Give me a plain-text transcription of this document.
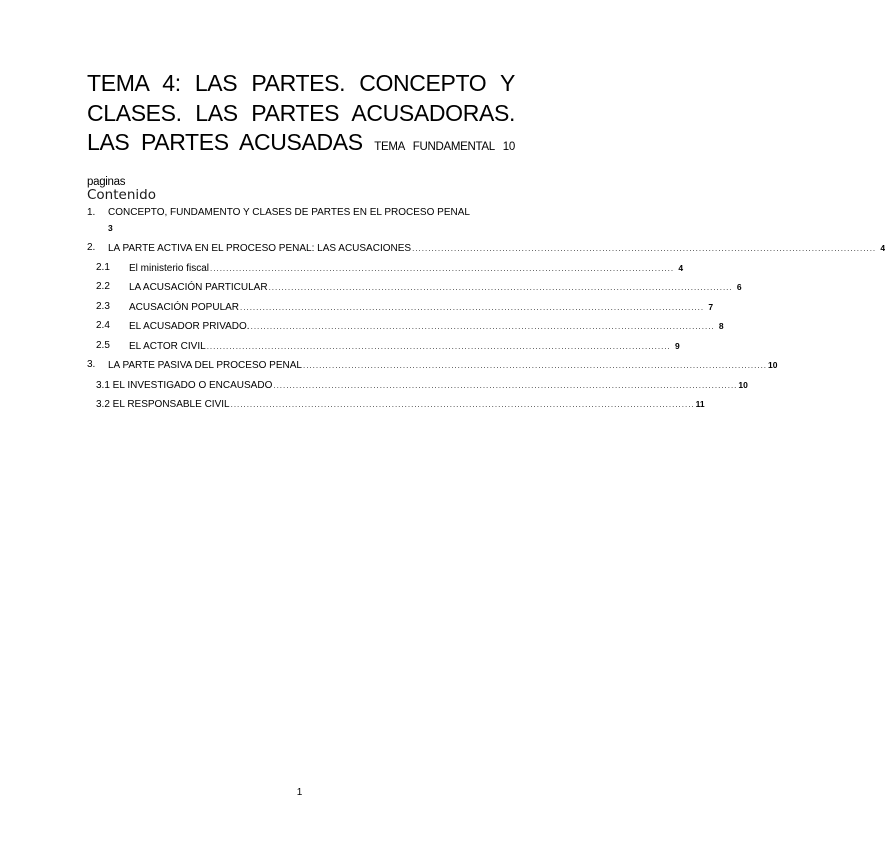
TEMA 4: LAS PARTES. CONCEPTO Y CLASES. LAS PARTES ACUSADORAS. LAS PARTES ACUSADAS TEMA FUNDAMENTAL 10 paginas
Contenido
1. CONCEPTO, FUNDAMENTO Y CLASES DE PARTES EN EL PROCESO PENAL
3
2. LA PARTE ACTIVA EN EL PROCESO PENAL: LAS ACUSACIONES ................................................................................................................................................ 4
2.1 El ministerio fiscal ................................................................................................................................................ 4
2.2 LA ACUSACIÓN PARTICULAR ................................................................................................................................................ 6
2.3 ACUSACIÓN POPULAR ................................................................................................................................................ 7
2.4 EL ACUSADOR PRIVADO. ................................................................................................................................................ 8
2.5 EL ACTOR CIVIL ................................................................................................................................................ 9
3. LA PARTE PASIVA DEL PROCESO PENAL ................................................................................................................................................ 10
3.1 EL INVESTIGADO O ENCAUSADO ................................................................................................................................................ 10
3.2 EL RESPONSABLE CIVIL ................................................................................................................................................ 11
1
